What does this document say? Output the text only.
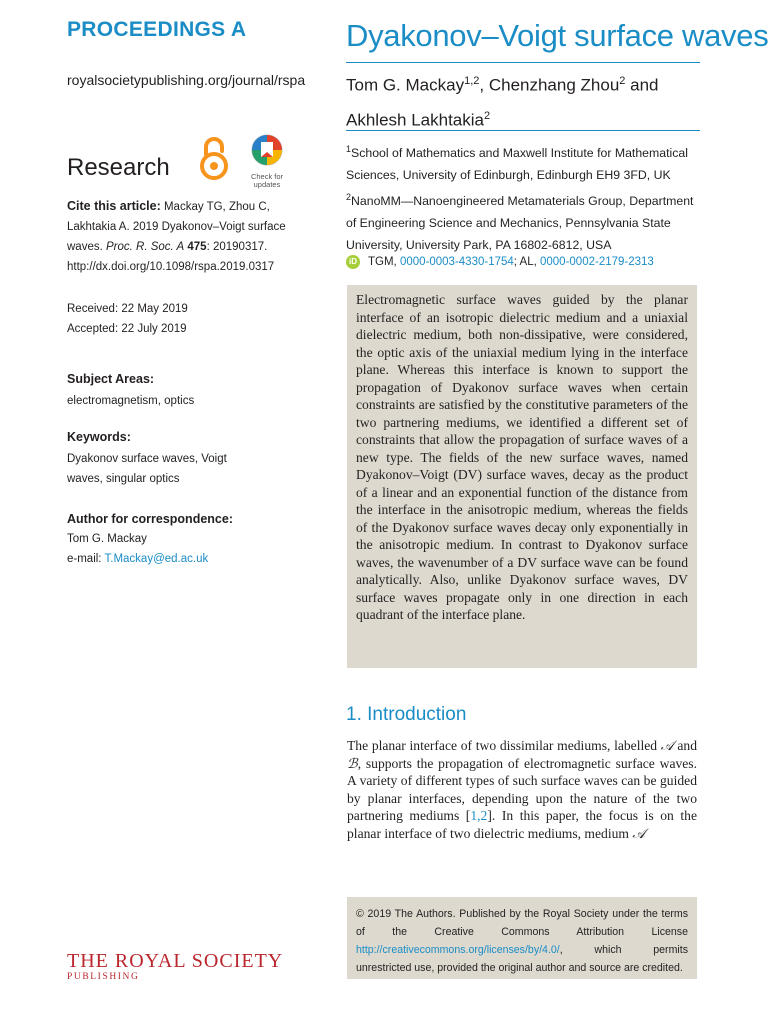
PROCEEDINGS A
royalsocietypublishing.org/journal/rspa
Research	Check for
updates
Cite this article: Mackay TG, Zhou C, Lakhtakia A. 2019 Dyakonov–Voigt surface waves. Proc. R. Soc. A 475: 20190317.
http://dx.doi.org/10.1098/rspa.2019.0317
Received: 22 May 2019
Accepted: 22 July 2019
Subject Areas:
electromagnetism, optics
Keywords:
Dyakonov surface waves, Voigt waves, singular optics
Author for correspondence:
Tom G. Mackay
e-mail: T.Mackay@ed.ac.uk
Dyakonov–Voigt surface waves
Tom G. Mackay$^{1,2}$, Chenzhang Zhou$^2$ and
Akhlesh Lakhtakia$^2$
$^1$School of Mathematics and Maxwell Institute for Mathematical Sciences, University of Edinburgh, Edinburgh EH9 3FD, UK
$^2$NanoMM—Nanoengineered Metamaterials Group, Department of Engineering Science and Mechanics, Pennsylvania State University, University Park, PA 16802-6812, USA
iD TGM, 0000-0003-4330-1754; AL, 0000-0002-2179-2313
Electromagnetic surface waves guided by the planar interface of an isotropic dielectric medium and a uniaxial dielectric medium, both non-dissipative, were considered, the optic axis of the uniaxial medium lying in the interface plane. Whereas this interface is known to support the propagation of Dyakonov surface waves when certain constraints are satisfied by the constitutive parameters of the two partnering mediums, we identified a different set of constraints that allow the propagation of surface waves of a new type. The fields of the new surface waves, named Dyakonov–Voigt (DV) surface waves, decay as the product of a linear and an exponential function of the distance from the interface in the anisotropic medium, whereas the fields of the Dyakonov surface waves decay only exponentially in the anisotropic medium. In contrast to Dyakonov surface waves, the wavenumber of a DV surface wave can be found analytically. Also, unlike Dyakonov surface waves, DV surface waves propagate only in one direction in each quadrant of the interface plane.
1. Introduction
The planar interface of two dissimilar mediums, labelled 𝒜 and ℬ, supports the propagation of electromagnetic surface waves. A variety of different types of such surface waves can be guided by planar interfaces, depending upon the nature of the two partnering mediums [1,2]. In this paper, the focus is on the planar interface of two dielectric mediums, medium 𝒜
© 2019 The Authors. Published by the Royal Society under the terms of the Creative Commons Attribution License http://creativecommons.org/licenses/by/4.0/, which permits unrestricted use, provided the original author and source are credited.
THE ROYAL SOCIETY
PUBLISHING
